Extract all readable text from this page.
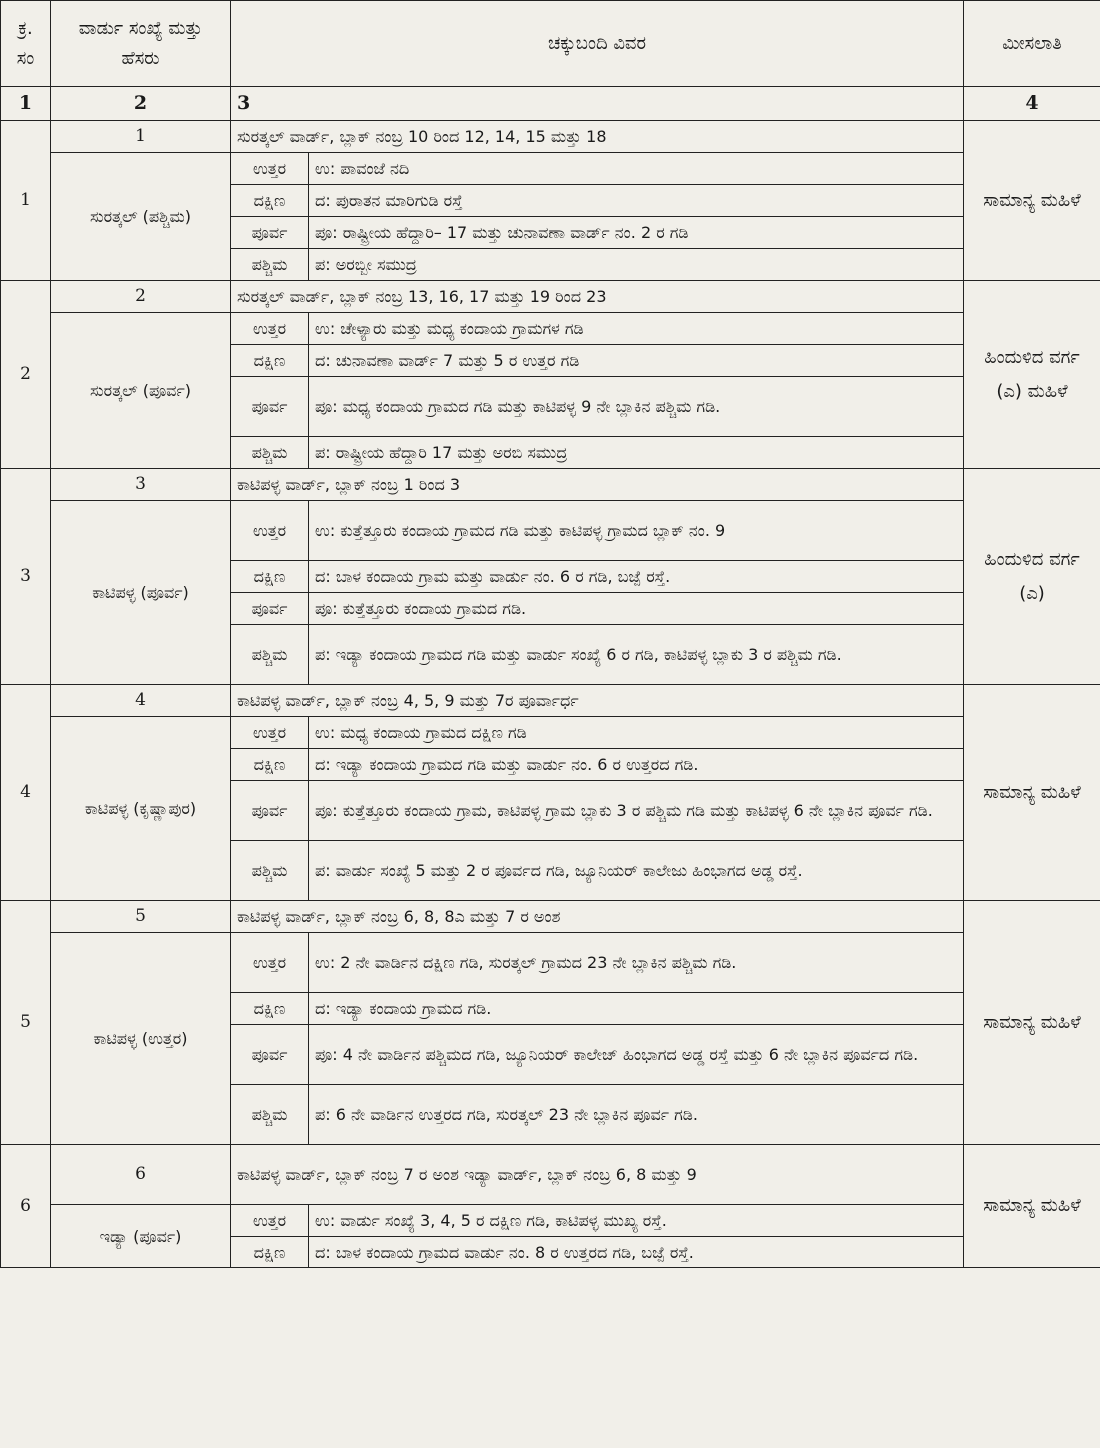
ಕ್ರ. ಸಂ	ವಾರ್ಡು ಸಂಖ್ಯೆ ಮತ್ತು ಹೆಸರು	ಚಕ್ಕುಬಂದಿ ವಿವರ		ಮೀಸಲಾತಿ
1	2	3		4
1	1	ಸುರತ್ಕಲ್ ವಾರ್ಡ್, ಬ್ಲಾಕ್ ನಂಬ್ರ 10 ರಿಂದ 12, 14, 15 ಮತ್ತು 18		ಸಾಮಾನ್ಯ ಮಹಿಳೆ
	ಸುರತ್ಕಲ್ (ಪಶ್ಚಿಮ)	ಉತ್ತರ	ಉ: ಪಾವಂಜೆ ನದಿ	
		ದಕ್ಷಿಣ	ದ: ಪುರಾತನ ಮಾರಿಗುಡಿ ರಸ್ತೆ	
		ಪೂರ್ವ	ಪೂ: ರಾಷ್ಟ್ರೀಯ ಹೆದ್ದಾರಿ– 17 ಮತ್ತು ಚುನಾವಣಾ ವಾರ್ಡ್ ನಂ. 2 ರ ಗಡಿ	
		ಪಶ್ಚಿಮ	ಪ: ಅರಬ್ಬೀ ಸಮುದ್ರ	
2	2	ಸುರತ್ಕಲ್ ವಾರ್ಡ್, ಬ್ಲಾಕ್ ನಂಬ್ರ 13, 16, 17 ಮತ್ತು 19 ರಿಂದ 23		ಹಿಂದುಳಿದ ವರ್ಗ (ಎ) ಮಹಿಳೆ
	ಸುರತ್ಕಲ್ (ಪೂರ್ವ)	ಉತ್ತರ	ಉ: ಚೇಳ್ಯಾರು ಮತ್ತು ಮಧ್ಯ ಕಂದಾಯ ಗ್ರಾಮಗಳ ಗಡಿ	
		ದಕ್ಷಿಣ	ದ: ಚುನಾವಣಾ ವಾರ್ಡ್ 7 ಮತ್ತು 5 ರ ಉತ್ತರ ಗಡಿ	
		ಪೂರ್ವ	ಪೂ: ಮಧ್ಯ ಕಂದಾಯ ಗ್ರಾಮದ ಗಡಿ ಮತ್ತು ಕಾಟಿಪಳ್ಳ 9 ನೇ ಬ್ಲಾಕಿನ ಪಶ್ಚಿಮ ಗಡಿ.	
		ಪಶ್ಚಿಮ	ಪ: ರಾಷ್ಟ್ರೀಯ ಹೆದ್ದಾರಿ 17 ಮತ್ತು ಅರಬಿ ಸಮುದ್ರ	
3	3	ಕಾಟಿಪಳ್ಳ ವಾರ್ಡ್, ಬ್ಲಾಕ್ ನಂಬ್ರ 1 ರಿಂದ 3		ಹಿಂದುಳಿದ ವರ್ಗ (ಎ)
	ಕಾಟಿಪಳ್ಳ (ಪೂರ್ವ)	ಉತ್ತರ	ಉ: ಕುತ್ತೆತ್ತೂರು ಕಂದಾಯ ಗ್ರಾಮದ ಗಡಿ ಮತ್ತು ಕಾಟಿಪಳ್ಳ ಗ್ರಾಮದ ಬ್ಲಾಕ್ ನಂ. 9	
		ದಕ್ಷಿಣ	ದ: ಬಾಳ ಕಂದಾಯ ಗ್ರಾಮ ಮತ್ತು ವಾರ್ಡು ನಂ. 6 ರ ಗಡಿ, ಬಜ್ಪೆ ರಸ್ತೆ.	
		ಪೂರ್ವ	ಪೂ: ಕುತ್ತೆತ್ತೂರು ಕಂದಾಯ ಗ್ರಾಮದ ಗಡಿ.	
		ಪಶ್ಚಿಮ	ಪ: ಇಡ್ಯಾ ಕಂದಾಯ ಗ್ರಾಮದ ಗಡಿ ಮತ್ತು ವಾರ್ಡು ಸಂಖ್ಯೆ 6 ರ ಗಡಿ, ಕಾಟಿಪಳ್ಳ ಬ್ಲಾಕು 3 ರ ಪಶ್ಚಿಮ ಗಡಿ.	
4	4	ಕಾಟಿಪಳ್ಳ ವಾರ್ಡ್, ಬ್ಲಾಕ್ ನಂಬ್ರ 4, 5, 9 ಮತ್ತು 7ರ ಪೂರ್ವಾರ್ಧ		ಸಾಮಾನ್ಯ ಮಹಿಳೆ
	ಕಾಟಿಪಳ್ಳ (ಕೃಷ್ಣಾಪುರ)	ಉತ್ತರ	ಉ: ಮಧ್ಯ ಕಂದಾಯ ಗ್ರಾಮದ ದಕ್ಷಿಣ ಗಡಿ	
		ದಕ್ಷಿಣ	ದ: ಇಡ್ಯಾ ಕಂದಾಯ ಗ್ರಾಮದ ಗಡಿ ಮತ್ತು ವಾರ್ಡು ನಂ. 6 ರ ಉತ್ತರದ ಗಡಿ.	
		ಪೂರ್ವ	ಪೂ: ಕುತ್ತೆತ್ತೂರು ಕಂದಾಯ ಗ್ರಾಮ, ಕಾಟಿಪಳ್ಳ ಗ್ರಾಮ ಬ್ಲಾಕು 3 ರ ಪಶ್ಚಿಮ ಗಡಿ ಮತ್ತು ಕಾಟಿಪಳ್ಳ 6 ನೇ ಬ್ಲಾಕಿನ ಪೂರ್ವ ಗಡಿ.	
		ಪಶ್ಚಿಮ	ಪ: ವಾರ್ಡು ಸಂಖ್ಯೆ 5 ಮತ್ತು 2 ರ ಪೂರ್ವದ ಗಡಿ, ಜ್ಯೂನಿಯರ್ ಕಾಲೇಜು ಹಿಂಭಾಗದ ಅಡ್ಡ ರಸ್ತೆ.	
5	5	ಕಾಟಿಪಳ್ಳ ವಾರ್ಡ್, ಬ್ಲಾಕ್ ನಂಬ್ರ 6, 8, 8ಎ ಮತ್ತು 7 ರ ಅಂಶ		ಸಾಮಾನ್ಯ ಮಹಿಳೆ
	ಕಾಟಿಪಳ್ಳ (ಉತ್ತರ)	ಉತ್ತರ	ಉ: 2 ನೇ ವಾರ್ಡಿನ ದಕ್ಷಿಣ ಗಡಿ, ಸುರತ್ಕಲ್ ಗ್ರಾಮದ 23 ನೇ ಬ್ಲಾಕಿನ ಪಶ್ಚಿಮ ಗಡಿ.	
		ದಕ್ಷಿಣ	ದ: ಇಡ್ಯಾ ಕಂದಾಯ ಗ್ರಾಮದ ಗಡಿ.	
		ಪೂರ್ವ	ಪೂ: 4 ನೇ ವಾರ್ಡಿನ ಪಶ್ಚಿಮದ ಗಡಿ, ಜ್ಯೂನಿಯರ್ ಕಾಲೇಜ್ ಹಿಂಭಾಗದ ಅಡ್ಡ ರಸ್ತೆ ಮತ್ತು 6 ನೇ ಬ್ಲಾಕಿನ ಪೂರ್ವದ ಗಡಿ.	
		ಪಶ್ಚಿಮ	ಪ: 6 ನೇ ವಾರ್ಡಿನ ಉತ್ತರದ ಗಡಿ, ಸುರತ್ಕಲ್ 23 ನೇ ಬ್ಲಾಕಿನ ಪೂರ್ವ ಗಡಿ.	
6	6	ಕಾಟಿಪಳ್ಳ ವಾರ್ಡ್, ಬ್ಲಾಕ್ ನಂಬ್ರ 7 ರ ಅಂಶ ಇಡ್ಯಾ ವಾರ್ಡ್, ಬ್ಲಾಕ್ ನಂಬ್ರ 6, 8 ಮತ್ತು 9		ಸಾಮಾನ್ಯ ಮಹಿಳೆ
	ಇಡ್ಯಾ (ಪೂರ್ವ)	ಉತ್ತರ	ಉ: ವಾರ್ಡು ಸಂಖ್ಯೆ 3, 4, 5 ರ ದಕ್ಷಿಣ ಗಡಿ, ಕಾಟಿಪಳ್ಳ ಮುಖ್ಯ ರಸ್ತೆ.	
		ದಕ್ಷಿಣ	ದ: ಬಾಳ ಕಂದಾಯ ಗ್ರಾಮದ ವಾರ್ಡು ನಂ. 8 ರ ಉತ್ತರದ ಗಡಿ, ಬಜ್ಪೆ ರಸ್ತೆ.	
